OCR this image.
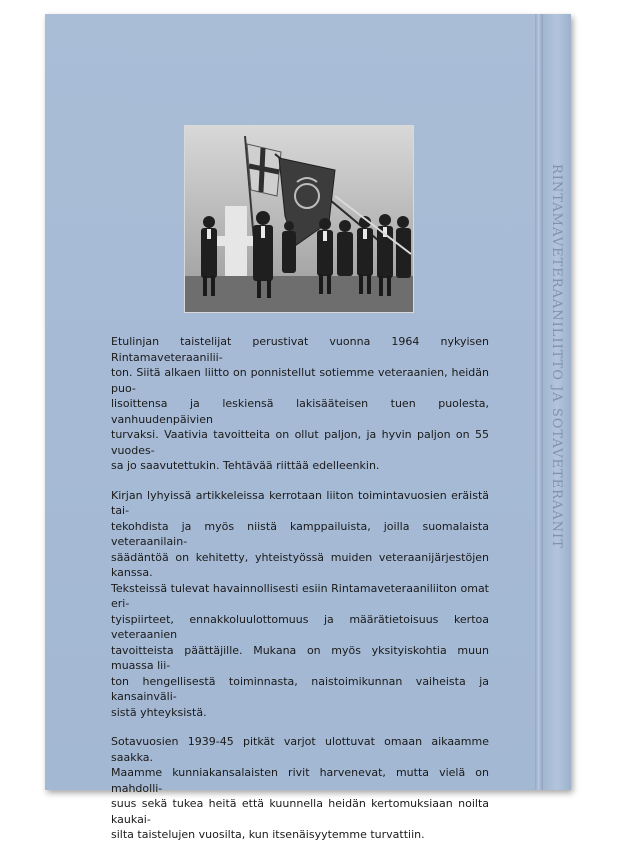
Etulinjan taistelijat perustivat vuonna 1964 nykyisen Rintamaveteraanilii-
ton. Siitä alkaen liitto on ponnistellut sotiemme veteraanien, heidän puo-
lisoittensa ja leskiensä lakisääteisen tuen puolesta, vanhuudenpäivien
turvaksi. Vaativia tavoitteita on ollut paljon, ja hyvin paljon on 55 vuodes-
sa jo saavutettukin. Tehtävää riittää edelleenkin.

Kirjan lyhyissä artikkeleissa kerrotaan liiton toimintavuosien eräistä tai-
tekohdista ja myös niistä kamppailuista, joilla suomalaista veteraanilain-
säädäntöä on kehitetty, yhteistyössä muiden veteraanijärjestöjen kanssa.
Teksteissä tulevat havainnollisesti esiin Rintamaveteraaniliiton omat eri-
tyispiirteet, ennakkoluulottomuus ja määrätietoisuus kertoa veteraanien
tavoitteista päättäjille. Mukana on myös yksityiskohtia muun muassa lii-
ton hengellisestä toiminnasta, naistoimikunnan vaiheista ja kansainväli-
sistä yhteyksistä.

Sotavuosien 1939-45 pitkät varjot ulottuvat omaan aikaamme saakka.
Maamme kunniakansalaisten rivit harvenevat, mutta vielä on mahdolli-
suus sekä tukea heitä että kuunnella heidän kertomuksiaan noilta kaukai-
silta taistelujen vuosilta, kun itsenäisyytemme turvattiin.

RINTAMAVETERAANILIITTO JA SOTAVETERAANIT
